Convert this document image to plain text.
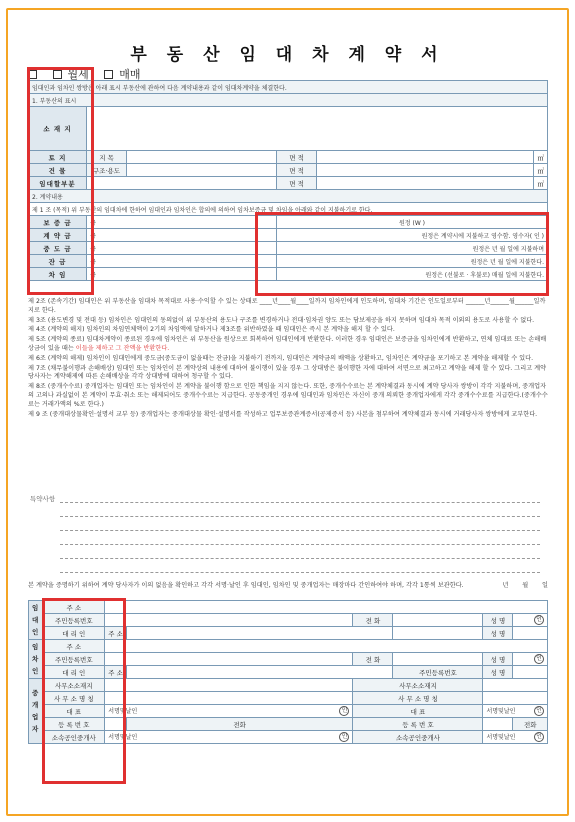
부 동 산 임 대 차 계 약 서
월세	매매
임대인과 임차인 쌍방은 아래 표시 부동산에 관하여 다음 계약내용과 같이 임대차계약을 체결한다.					
1. 부동산의 표시					
소 재 지					
토 지	지 목		면 적		㎡
건 물	구조·용도		면 적		㎡
임대할부분			면 적		㎡
2. 계약내용					
제 1 조 (목적) 위 부동산의 임대차에 한하여 임대인과 임차인은 합의에 의하여 임차보증금 및 차임을 아래와 같이 지불하기로 한다.					
보 증 금	금		원정 (W )		
계 약 금	금		원정은 계약시에 지불하고 영수함. 영수자( 인 )		
중 도 금	금		원정은 년 월 일에 지불하며		
잔 금	금		원정은 년 월 일에 지불한다.		
차 임	금		원정은 (선불로 · 후불로) 매월 일에 지불한다.		

제 2조 (존속기간) 임대인은 위 부동산을 임대차 목적대로 사용·수익할 수 있는 상태로 ____년____월____일까지 임차인에게 인도하며, 임대차 기간은 인도일로부터 ______년______월______일까지로 한다.

제 3조 (용도변경 및 전대 등) 임차인은 임대인의 동의없이 위 부동산의 용도나 구조를 변경하거나 전대·임차권 양도 또는 담보제공을 하지 못하며 임대차 목적 이외의 용도로 사용할 수 없다.

제 4조 (계약의 해지) 임차인의 차임연체액이 2기의 차임액에 달하거나 제3조를 위반하였을 때 임대인은 즉시 본 계약을 해지 할 수 있다.

제 5조 (계약의 종료) 임대차계약이 종료된 경우에 임차인은 위 부동산을 원상으로 회복하여 임대인에게 반환한다. 이러한 경우 임대인은 보증금을 임차인에게 반환하고, 연체 임대료 또는 손해배상금이 있을 때는 이들을 제하고 그 잔액을 반환한다.

제 6조 (계약의 해제) 임차인이 임대인에게 중도금(중도금이 없을때는 잔금)을 지불하기 전까지, 임대인은 계약금의 배액을 상환하고, 임차인은 계약금을 포기하고 본 계약을 해제할 수 있다.

제 7조 (채무불이행과 손해배상) 임대인 또는 임차인이 본 계약상의 내용에 대하여 불이행이 있을 경우 그 상대방은 불이행한 자에 대하여 서면으로 최고하고 계약을 해제 할 수 있다. 그리고 계약 당사자는 계약해제에 따른 손해배상을 각각 상대방에 대하여 청구할 수 있다.

제 8조 (중개수수료) 중개업자는 임대인 또는 임차인이 본 계약을 불이행 함으로 인한 책임을 지지 않는다. 또한, 중개수수료는 본 계약체결과 동시에 계약 당사자 쌍방이 각각 지불하며, 중개업자의 고의나 과실없이 본 계약이 무효·취소 또는 해제되어도 중개수수료는 지급한다. 공동중개인 경우에 임대인과 임차인은 자신이 중개 의뢰한 중개업자에게 각각 중개수수료를 지급한다.(중개수수료는 거래가액의 %로 한다.)

제 9 조 (중개대상물확인·설명서 교부 등) 중개업자는 중개대상물 확인·설명서를 작성하고 업무보증관계증서(공제증서 등) 사본을 첨부하여 계약체결과 동시에 거래당사자 쌍방에게 교부한다.

특약사항
본 계약을 증명하기 위하여 계약 당사자가 이의 없음을 확인하고 각각 서명·날인 후 임대인, 임차인 및 중개업자는 매장마다 간인하여야 하며, 각각 1통씩 보관한다.	년 월 일
임대인	주 소						
	주민등록번호			전 화		성 명	인
	대 리 인	주 소				성 명	
임차인	주 소						
	주민등록번호			전 화		성 명	인
	대 리 인	주 소			주민등록번호	성 명	
중개업자	사무소소재지			사무소소재지			
	사 무 소 명 칭			사 무 소 명 칭			
	대 표	서명및날인 인		대 표		서명및날인 인	

	등 록 번 호		전화	등 록 번 호			전화
	소속공인중개사	서명및날인 인		소속공인중개사		서명및날인 인	
